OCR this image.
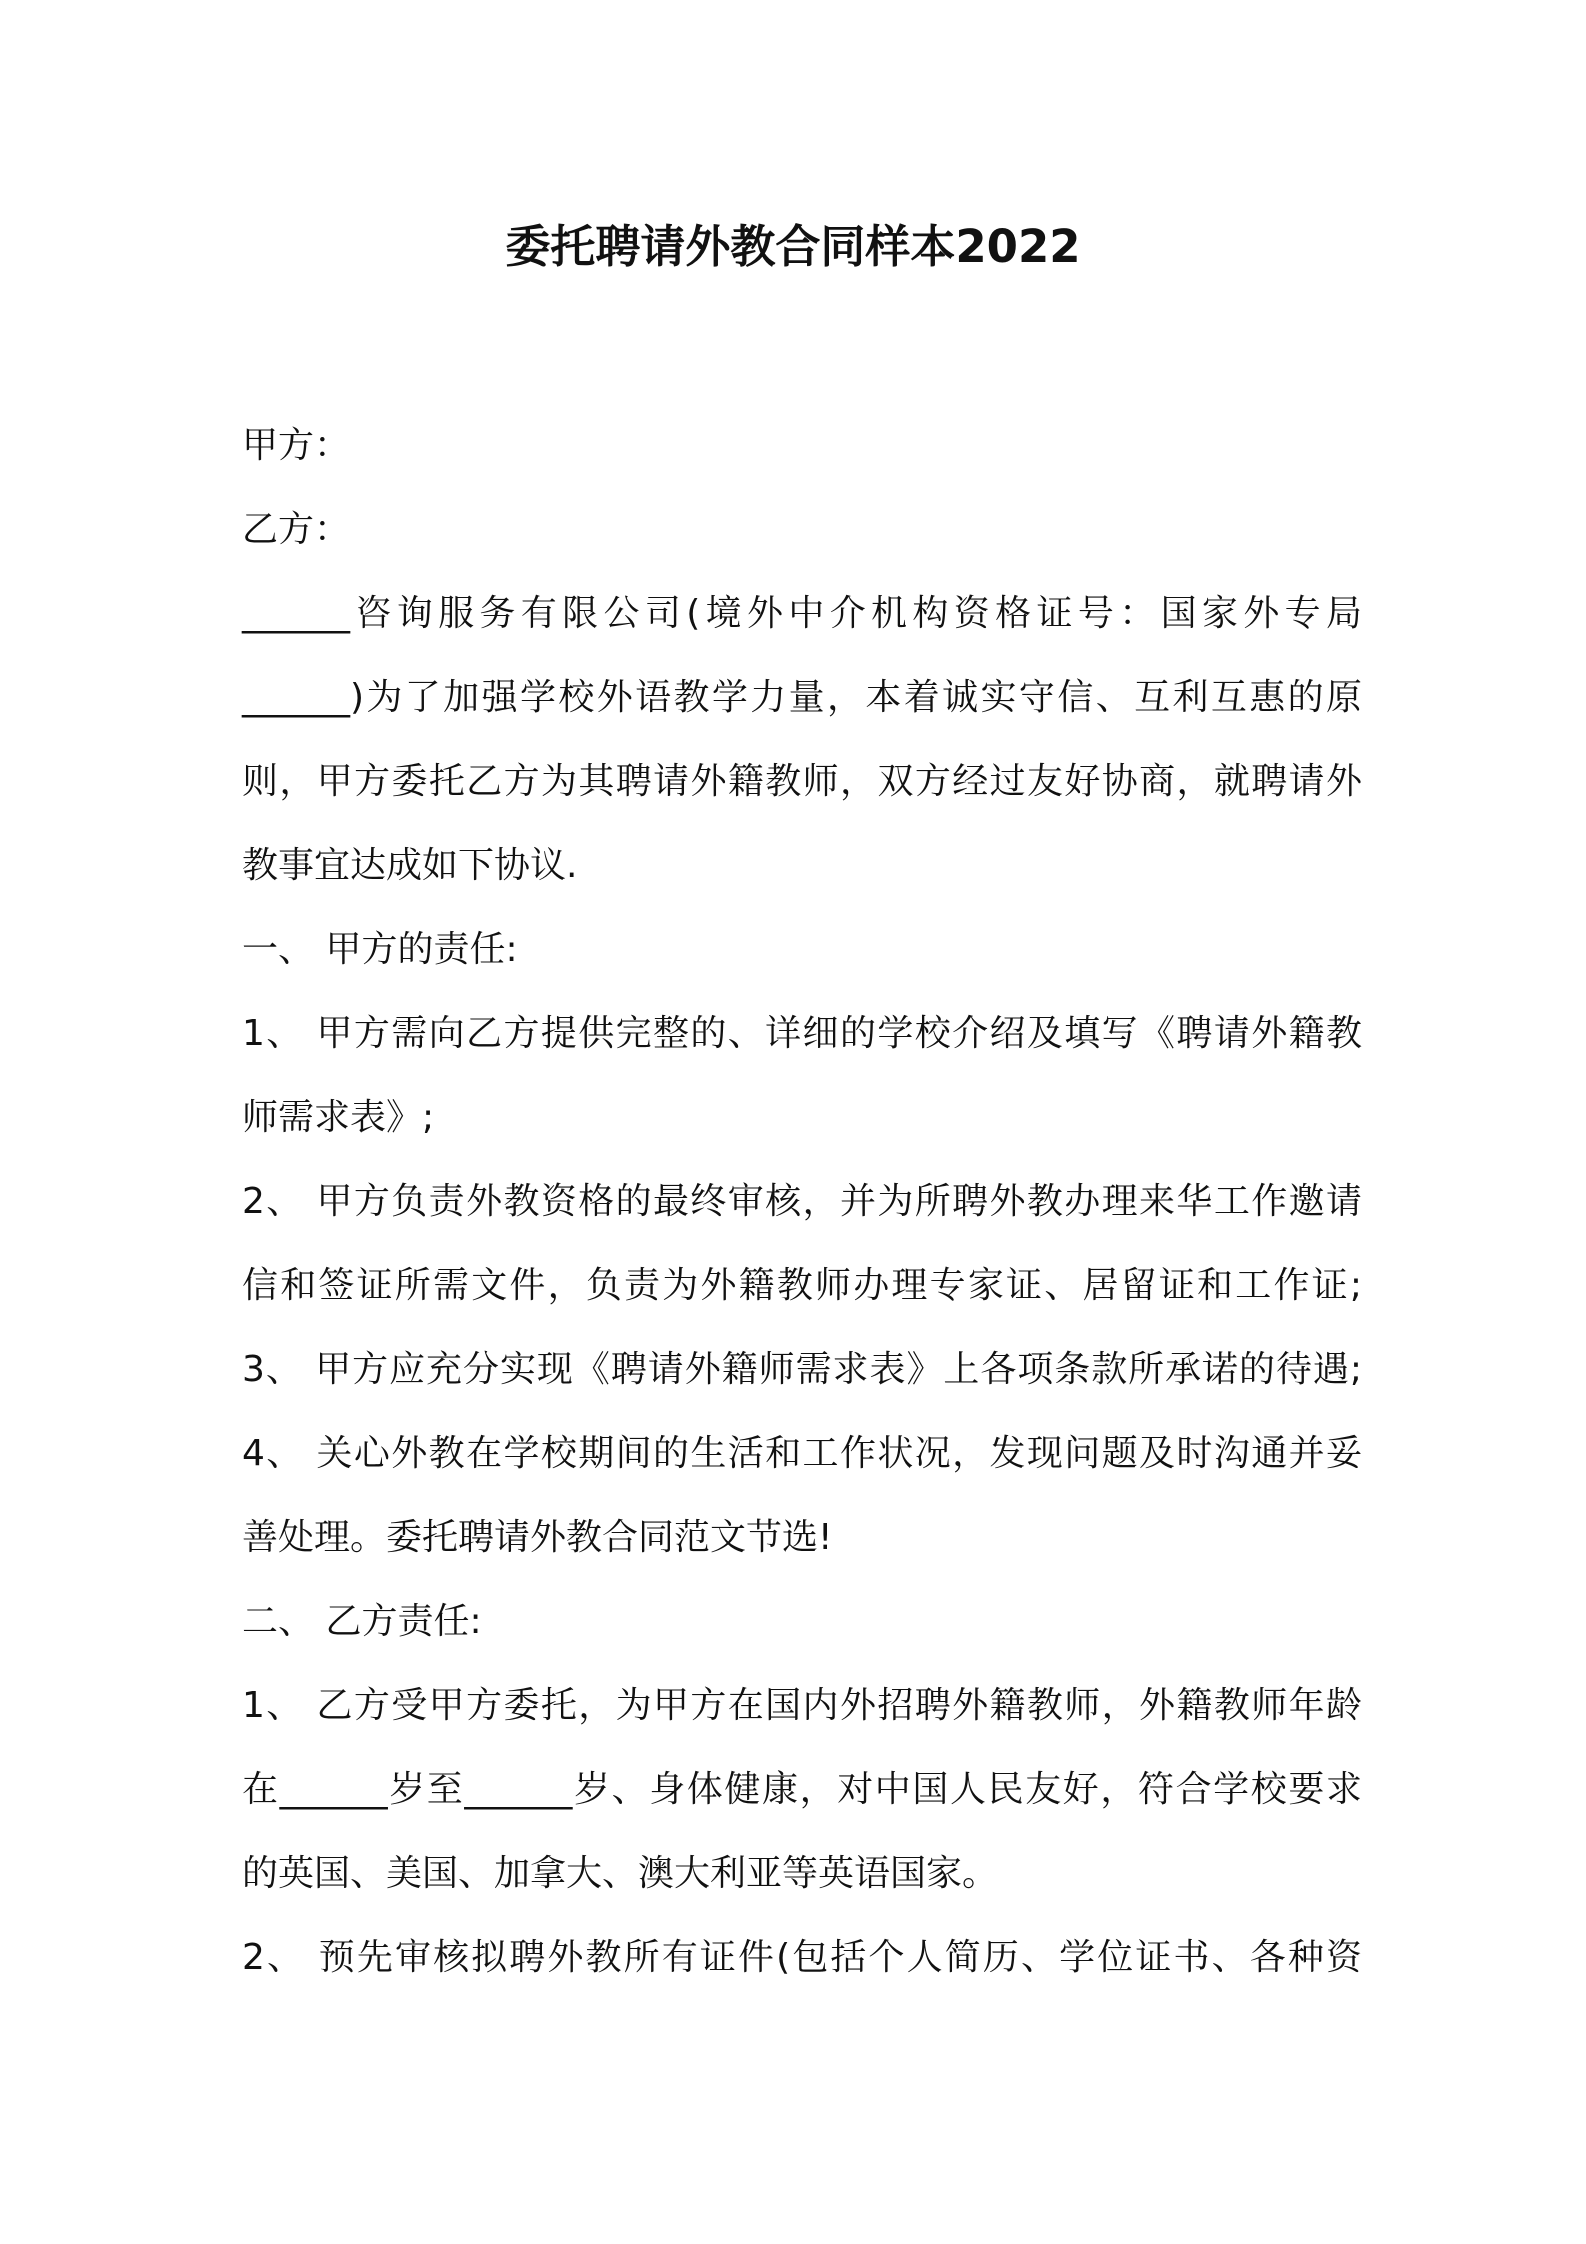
委托聘请外教合同样本2022
甲方：
乙方：
______咨询服务有限公司(境外中介机构资格证号：国家外专局
______)为了加强学校外语教学力量，本着诚实守信、互利互惠的原
则，甲方委托乙方为其聘请外籍教师，双方经过友好协商，就聘请外
教事宜达成如下协议.
一、 甲方的责任:
1、 甲方需向乙方提供完整的、详细的学校介绍及填写《聘请外籍教
师需求表》;
2、 甲方负责外教资格的最终审核，并为所聘外教办理来华工作邀请
信和签证所需文件，负责为外籍教师办理专家证、居留证和工作证;
3、 甲方应充分实现《聘请外籍师需求表》上各项条款所承诺的待遇;
4、 关心外教在学校期间的生活和工作状况，发现问题及时沟通并妥
善处理。委托聘请外教合同范文节选!
二、 乙方责任:
1、 乙方受甲方委托，为甲方在国内外招聘外籍教师，外籍教师年龄
在______岁至______岁、身体健康，对中国人民友好，符合学校要求
的英国、美国、加拿大、澳大利亚等英语国家。
2、 预先审核拟聘外教所有证件(包括个人简历、学位证书、各种资
